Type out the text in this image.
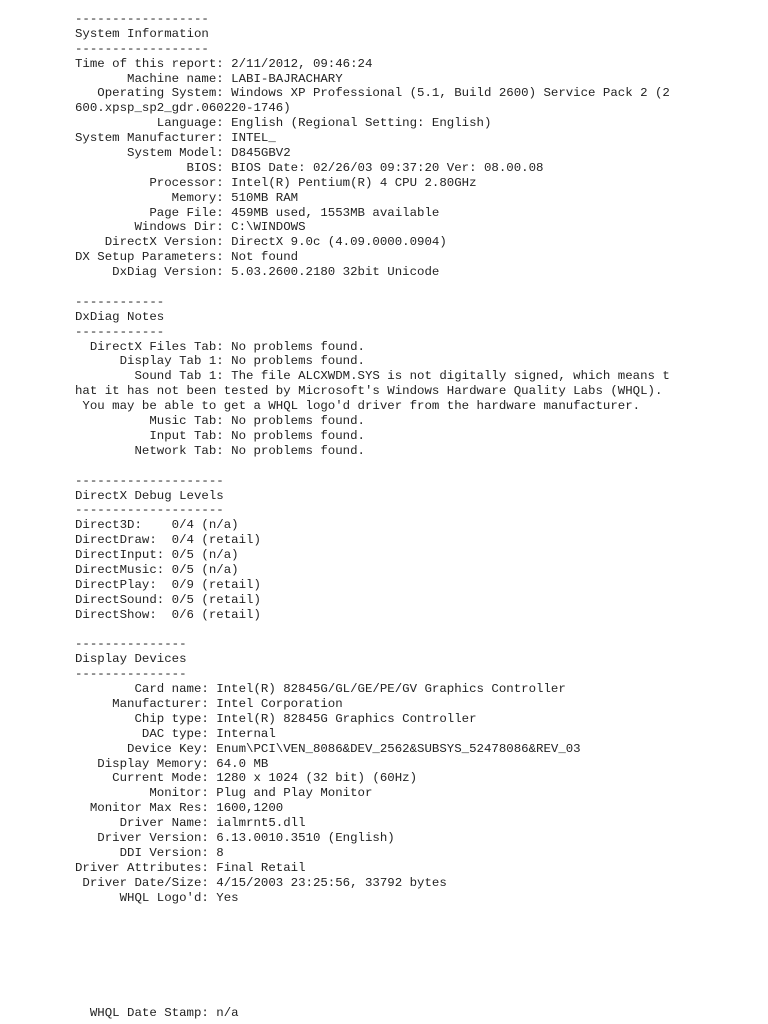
------------------
System Information
------------------
Time of this report: 2/11/2012, 09:46:24
Machine name: LABI-BAJRACHARY
Operating System: Windows XP Professional (5.1, Build 2600) Service Pack 2 (2
600.xpsp_sp2_gdr.060220-1746)
Language: English (Regional Setting: English)
System Manufacturer: INTEL_
System Model: D845GBV2
BIOS: BIOS Date: 02/26/03 09:37:20 Ver: 08.00.08
Processor: Intel(R) Pentium(R) 4 CPU 2.80GHz
Memory: 510MB RAM
Page File: 459MB used, 1553MB available
Windows Dir: C:\WINDOWS
DirectX Version: DirectX 9.0c (4.09.0000.0904)
DX Setup Parameters: Not found
DxDiag Version: 5.03.2600.2180 32bit Unicode
------------
DxDiag Notes
------------
DirectX Files Tab: No problems found.
Display Tab 1: No problems found.
Sound Tab 1: The file ALCXWDM.SYS is not digitally signed, which means t
hat it has not been tested by Microsoft's Windows Hardware Quality Labs (WHQL).
You may be able to get a WHQL logo'd driver from the hardware manufacturer.
Music Tab: No problems found.
Input Tab: No problems found.
Network Tab: No problems found.
--------------------
DirectX Debug Levels
--------------------
Direct3D:    0/4 (n/a)
DirectDraw:  0/4 (retail)
DirectInput: 0/5 (n/a)
DirectMusic: 0/5 (n/a)
DirectPlay:  0/9 (retail)
DirectSound: 0/5 (retail)
DirectShow:  0/6 (retail)
---------------
Display Devices
---------------
Card name: Intel(R) 82845G/GL/GE/PE/GV Graphics Controller
Manufacturer: Intel Corporation
Chip type: Intel(R) 82845G Graphics Controller
DAC type: Internal
Device Key: Enum\PCI\VEN_8086&DEV_2562&SUBSYS_52478086&REV_03
Display Memory: 64.0 MB
Current Mode: 1280 x 1024 (32 bit) (60Hz)
Monitor: Plug and Play Monitor
Monitor Max Res: 1600,1200
Driver Name: ialmrnt5.dll
Driver Version: 6.13.0010.3510 (English)
DDI Version: 8
Driver Attributes: Final Retail
Driver Date/Size: 4/15/2003 23:25:56, 33792 bytes
WHQL Logo'd: Yes
WHQL Date Stamp: n/a
